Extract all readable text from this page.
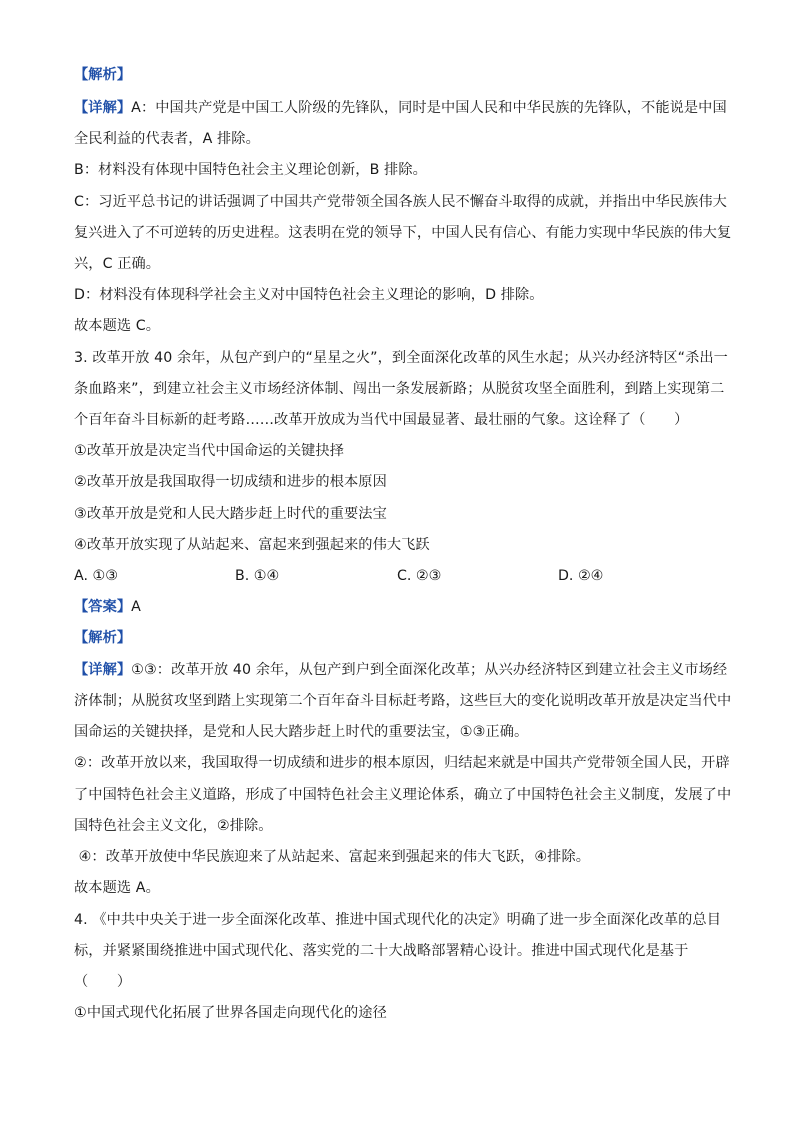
【解析】
【详解】A：中国共产党是中国工人阶级的先锋队，同时是中国人民和中华民族的先锋队，不能说是中国
全民利益的代表者，A 排除。
B：材料没有体现中国特色社会主义理论创新，B 排除。
C：习近平总书记的讲话强调了中国共产党带领全国各族人民不懈奋斗取得的成就，并指出中华民族伟大
复兴进入了不可逆转的历史进程。这表明在党的领导下，中国人民有信心、有能力实现中华民族的伟大复
兴，C 正确。
D：材料没有体现科学社会主义对中国特色社会主义理论的影响，D 排除。
故本题选 C。
3. 改革开放 40 余年，从包产到户的“星星之火”，到全面深化改革的风生水起；从兴办经济特区“杀出一
条血路来”，到建立社会主义市场经济体制、闯出一条发展新路；从脱贫攻坚全面胜利，到踏上实现第二
个百年奋斗目标新的赶考路……改革开放成为当代中国最显著、最壮丽的气象。这诠释了（　　）
①改革开放是决定当代中国命运的关键抉择
②改革开放是我国取得一切成绩和进步的根本原因
③改革开放是党和人民大踏步赶上时代的重要法宝
④改革开放实现了从站起来、富起来到强起来的伟大飞跃
A. ①③	B. ①④	C. ②③	D. ②④
【答案】A
【解析】
【详解】①③：改革开放 40 余年，从包产到户到全面深化改革；从兴办经济特区到建立社会主义市场经
济体制；从脱贫攻坚到踏上实现第二个百年奋斗目标赶考路，这些巨大的变化说明改革开放是决定当代中
国命运的关键抉择，是党和人民大踏步赶上时代的重要法宝，①③正确。
②：改革开放以来，我国取得一切成绩和进步的根本原因，归结起来就是中国共产党带领全国人民，开辟
了中国特色社会主义道路，形成了中国特色社会主义理论体系，确立了中国特色社会主义制度，发展了中
国特色社会主义文化，②排除。
④：改革开放使中华民族迎来了从站起来、富起来到强起来的伟大飞跃，④排除。
故本题选 A。
4. 《中共中央关于进一步全面深化改革、推进中国式现代化的决定》明确了进一步全面深化改革的总目
标，并紧紧围绕推进中国式现代化、落实党的二十大战略部署精心设计。推进中国式现代化是基于
（　　）
①中国式现代化拓展了世界各国走向现代化的途径
